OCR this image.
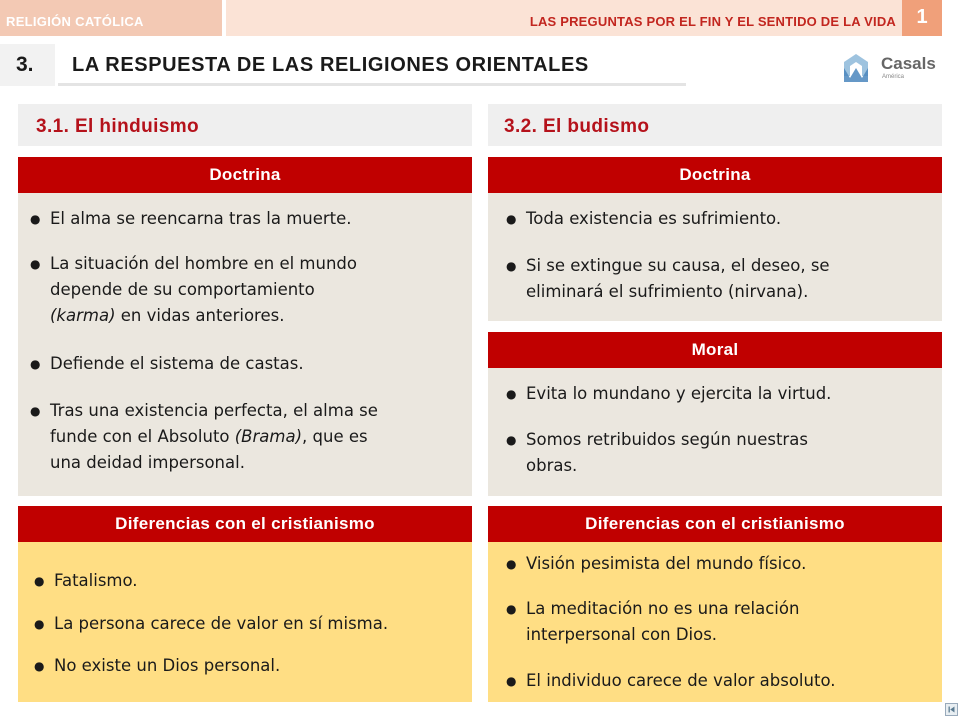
RELIGIÓN CATÓLICA	LAS PREGUNTAS POR EL FIN Y EL SENTIDO DE LA VIDA	1
3. LA RESPUESTA DE LAS RELIGIONES ORIENTALES	Casals
América
3.1. El hinduismo	3.2. El budismo
Doctrina
● El alma se reencarna tras la muerte.
● La situación del hombre en el mundo
depende de su comportamiento
(karma) en vidas anteriores.
● Defiende el sistema de castas.
● Tras una existencia perfecta, el alma se
funde con el Absoluto (Brama), que es
una deidad impersonal.
Diferencias con el cristianismo
● Fatalismo.
● La persona carece de valor en sí misma.
● No existe un Dios personal.
Doctrina
● Toda existencia es sufrimiento.
● Si se extingue su causa, el deseo, se
eliminará el sufrimiento (nirvana).
Moral
● Evita lo mundano y ejercita la virtud.
● Somos retribuidos según nuestras
obras.
Diferencias con el cristianismo
● Visión pesimista del mundo físico.
● La meditación no es una relación
interpersonal con Dios.
● El individuo carece de valor absoluto.
